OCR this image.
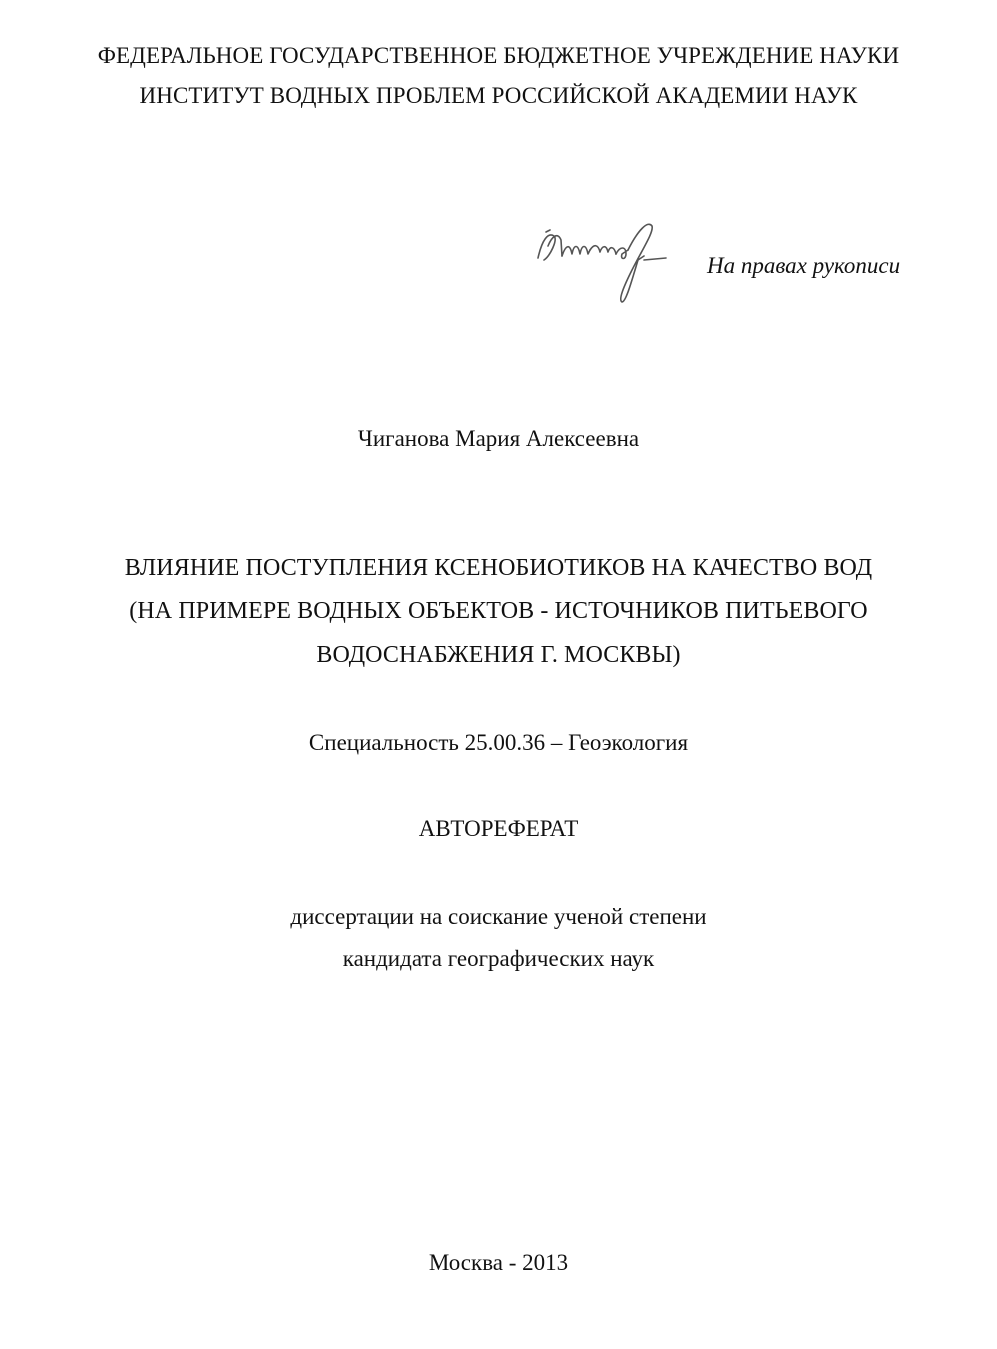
ФЕДЕРАЛЬНОЕ ГОСУДАРСТВЕННОЕ БЮДЖЕТНОЕ УЧРЕЖДЕНИЕ НАУКИ
ИНСТИТУТ ВОДНЫХ ПРОБЛЕМ РОССИЙСКОЙ АКАДЕМИИ НАУК
На правах рукописи
Чиганова Мария Алексеевна
ВЛИЯНИЕ ПОСТУПЛЕНИЯ КСЕНОБИОТИКОВ НА КАЧЕСТВО ВОД
(НА ПРИМЕРЕ ВОДНЫХ ОБЪЕКТОВ - ИСТОЧНИКОВ ПИТЬЕВОГО
ВОДОСНАБЖЕНИЯ Г. МОСКВЫ)
Специальность 25.00.36 – Геоэкология
АВТОРЕФЕРАТ
диссертации на соискание ученой степени
кандидата географических наук
Москва - 2013
